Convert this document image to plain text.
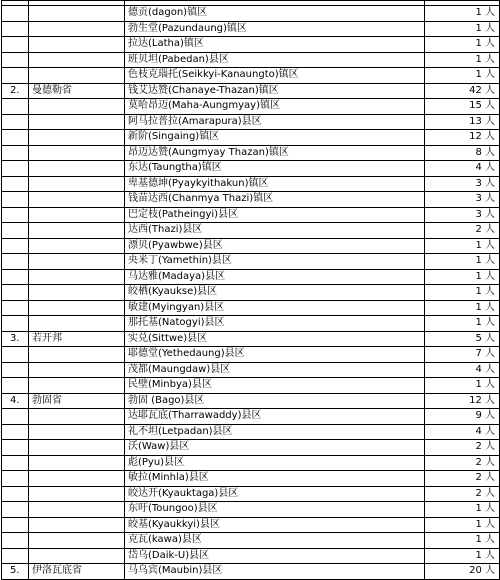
		德贡(dagon)镇区	1 人
		勃生堂(Pazundaung)镇区	1 人
		拉达(Latha)镇区	1 人
		班贝坦(Pabedan)县区	1 人
		色枝克瑙托(Seikkyi-Kanaungto)镇区	1 人
2.	曼德勒省	钱艾达赞(Chanaye-Thazan)镇区	42 人
		莫哈昂迈(Maha-Aungmyay)镇区	15 人
		阿马拉普拉(Amarapura)县区	13 人
		新阶(Singaing)镇区	12 人
		昂迈达赞(Aungmyay Thazan)镇区	8 人
		东达(Taungtha)镇区	4 人
		卑基德坤(Pyaykyithakun)镇区	3 人
		钱苗达西(Chanmya Thazi)镇区	3 人
		巴定枝(Patheingyi)县区	3 人
		达西(Thazi)县区	2 人
		漂贝(Pyawbwe)县区	1 人
		央米丁(Yamethin)县区	1 人
		马达雅(Madaya)县区	1 人
		皎栖(Kyaukse)县区	1 人
		敏建(Myingyan)县区	1 人
		那托基(Natogyi)县区	1 人
3.	若开邦	实兑(Sittwe)县区	5 人
		耶德堂(Yethedaung)县区	7 人
		茂都(Maungdaw)县区	4 人
		民壁(Minbya)县区	1 人
4.	勃固省	勃固 (Bago)县区	12 人
		达耶瓦底(Tharrawaddy)县区	9 人
		礼不坦(Letpadan)县区	4 人
		沃(Waw)县区	2 人
		彪(Pyu)县区	2 人
		敏拉(Minhla)县区	2 人
		皎达开(Kyauktaga)县区	2 人
		东吁(Toungoo)县区	1 人
		皎基(Kyaukkyi)县区	1 人
		克瓦(kawa)县区	1 人
		岱乌(Daik-U)县区	1 人
5.	伊洛瓦底省	马乌宾(Maubin)县区	20 人
